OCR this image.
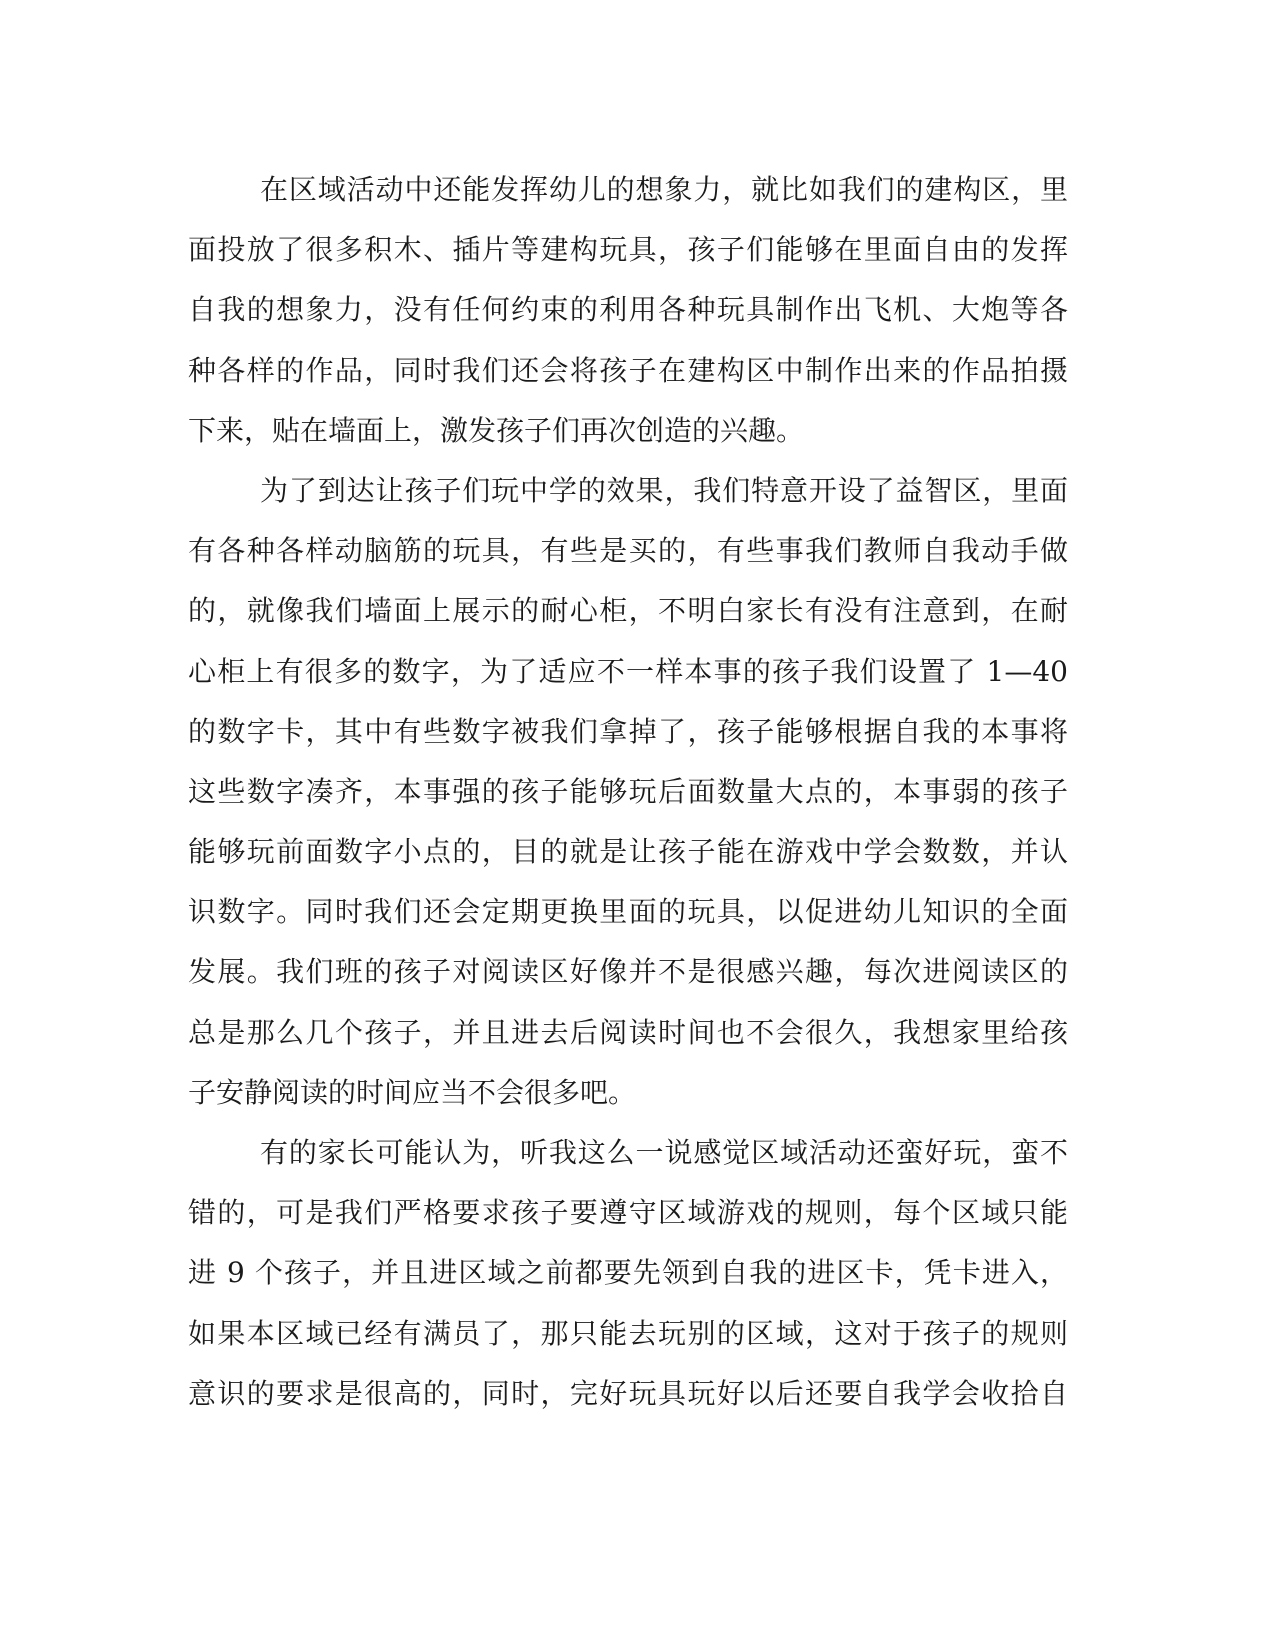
在区域活动中还能发挥幼儿的想象力，就比如我们的建构区，里
面投放了很多积木、插片等建构玩具，孩子们能够在里面自由的发挥
自我的想象力，没有任何约束的利用各种玩具制作出飞机、大炮等各
种各样的作品，同时我们还会将孩子在建构区中制作出来的作品拍摄
下来，贴在墙面上，激发孩子们再次创造的兴趣。
为了到达让孩子们玩中学的效果，我们特意开设了益智区，里面
有各种各样动脑筋的玩具，有些是买的，有些事我们教师自我动手做
的，就像我们墙面上展示的耐心柜，不明白家长有没有注意到，在耐
心柜上有很多的数字，为了适应不一样本事的孩子我们设置了 1—40
的数字卡，其中有些数字被我们拿掉了，孩子能够根据自我的本事将
这些数字凑齐，本事强的孩子能够玩后面数量大点的，本事弱的孩子
能够玩前面数字小点的，目的就是让孩子能在游戏中学会数数，并认
识数字。同时我们还会定期更换里面的玩具，以促进幼儿知识的全面
发展。我们班的孩子对阅读区好像并不是很感兴趣，每次进阅读区的
总是那么几个孩子，并且进去后阅读时间也不会很久，我想家里给孩
子安静阅读的时间应当不会很多吧。
有的家长可能认为，听我这么一说感觉区域活动还蛮好玩，蛮不
错的，可是我们严格要求孩子要遵守区域游戏的规则，每个区域只能
进 9 个孩子，并且进区域之前都要先领到自我的进区卡，凭卡进入，
如果本区域已经有满员了，那只能去玩别的区域，这对于孩子的规则
意识的要求是很高的，同时，完好玩具玩好以后还要自我学会收拾自
